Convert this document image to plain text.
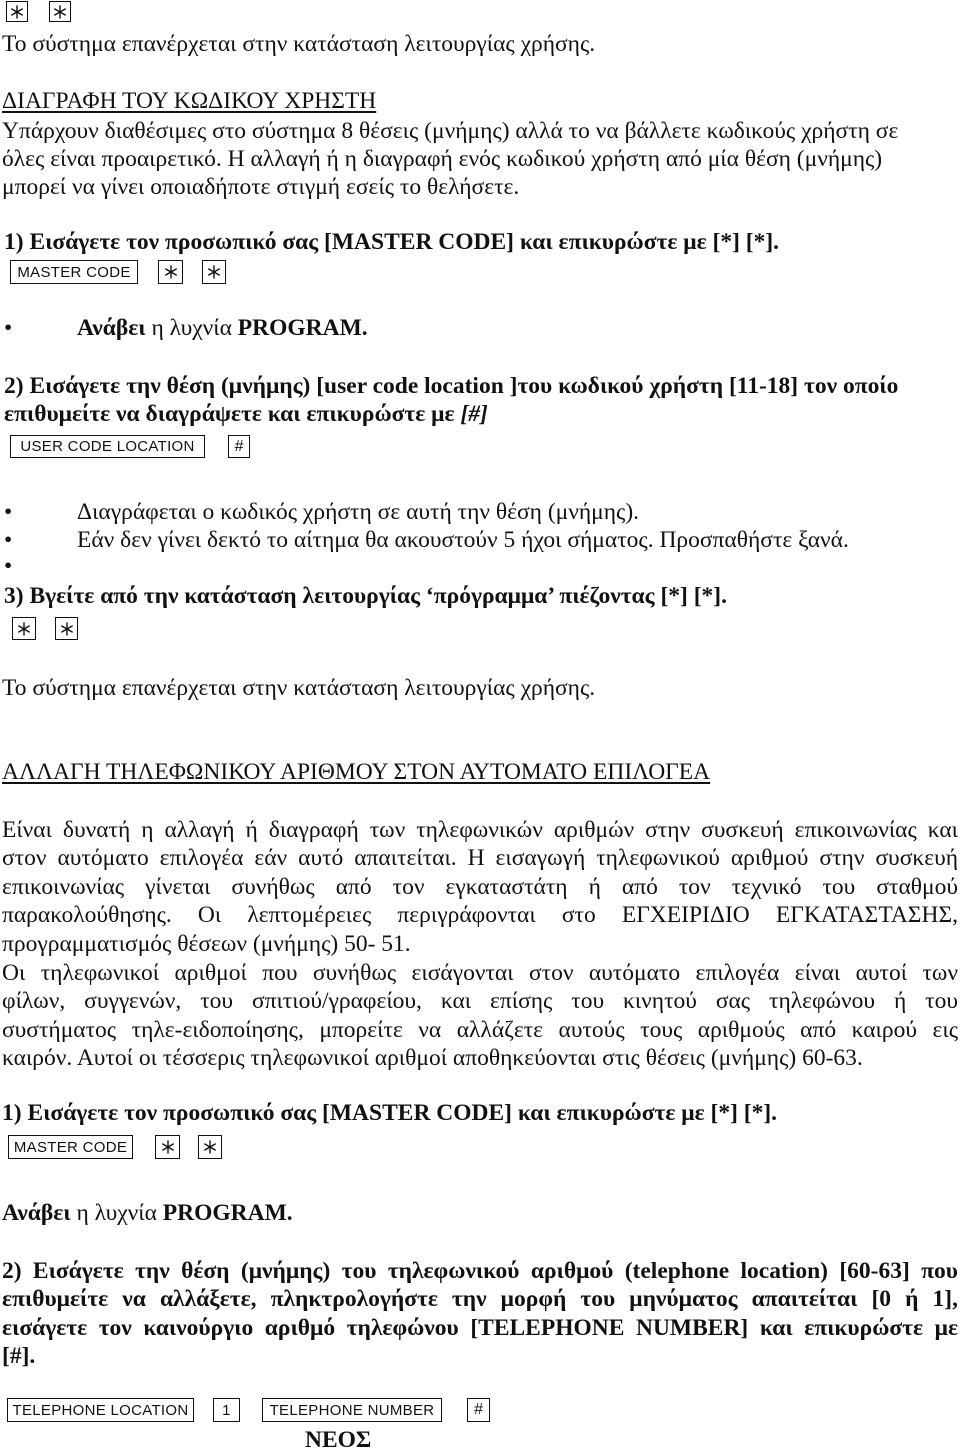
Το σύστημα επανέρχεται στην κατάσταση λειτουργίας χρήσης.
ΔΙΑΓΡΑΦΗ ΤΟΥ ΚΩΔΙΚΟΥ ΧΡΗΣΤΗ
Υπάρχουν διαθέσιμες στο σύστημα 8 θέσεις (μνήμης) αλλά το να βάλλετε κωδικούς χρήστη σε
όλες είναι προαιρετικό. Η αλλαγή ή η διαγραφή ενός κωδικού χρήστη από μία θέση (μνήμης)
μπορεί να γίνει οποιαδήποτε στιγμή εσείς το θελήσετε.
1) Εισάγετε τον προσωπικό σας [MASTER CODE] και επικυρώστε με [*] [*].
MASTER CODE
•
Ανάβει η λυχνία PROGRAM.
2) Εισάγετε την θέση (μνήμης) [user code location ]του κωδικού χρήστη [11-18] τον οποίο
επιθυμείτε να διαγράψετε και επικυρώστε με [#]
USER CODE LOCATION	#
•
Διαγράφεται ο κωδικός χρήστη σε αυτή την θέση (μνήμης).
•
Εάν δεν γίνει δεκτό το αίτημα θα ακουστούν 5 ήχοι σήματος. Προσπαθήστε ξανά.
•
3) Βγείτε από την κατάσταση λειτουργίας ‘πρόγραμμα’ πιέζοντας [*] [*].
Το σύστημα επανέρχεται στην κατάσταση λειτουργίας χρήσης.
ΑΛΛΑΓΗ ΤΗΛΕΦΩΝΙΚΟΥ ΑΡΙΘΜΟΥ ΣΤΟΝ ΑΥΤΟΜΑΤΟ ΕΠΙΛΟΓΕΑ
Είναι δυνατή η αλλαγή ή διαγραφή των τηλεφωνικών αριθμών στην συσκευή επικοινωνίας και
στον αυτόματο επιλογέα εάν αυτό απαιτείται. Η εισαγωγή τηλεφωνικού αριθμού στην συσκευή
επικοινωνίας γίνεται συνήθως από τον εγκαταστάτη ή από τον τεχνικό του σταθμού
παρακολούθησης. Οι λεπτομέρειες περιγράφονται στο ΕΓΧΕΙΡΙΔΙΟ ΕΓΚΑΤΑΣΤΑΣΗΣ,
προγραμματισμός θέσεων (μνήμης) 50- 51.
Οι τηλεφωνικοί αριθμοί που συνήθως εισάγονται στον αυτόματο επιλογέα είναι αυτοί των
φίλων, συγγενών, του σπιτιού/γραφείου, και επίσης του κινητού σας τηλεφώνου ή του
συστήματος τηλε-ειδοποίησης, μπορείτε να αλλάζετε αυτούς τους αριθμούς από καιρού εις
καιρόν. Αυτοί οι τέσσερις τηλεφωνικοί αριθμοί αποθηκεύονται στις θέσεις (μνήμης) 60-63.
1) Εισάγετε τον προσωπικό σας [MASTER CODE] και επικυρώστε με [*] [*].
MASTER CODE
Ανάβει η λυχνία PROGRAM.
2) Εισάγετε την θέση (μνήμης) του τηλεφωνικού αριθμού (telephone location) [60-63] που
επιθυμείτε να αλλάξετε, πληκτρολογήστε την μορφή του μηνύματος απαιτείται [0 ή 1],
εισάγετε τον καινούργιο αριθμό τηλεφώνου [TELEPHONE NUMBER] και επικυρώστε με
[#].
TELEPHONE LOCATION	1	TELEPHONE NUMBER	#
ΝΕΟΣ
